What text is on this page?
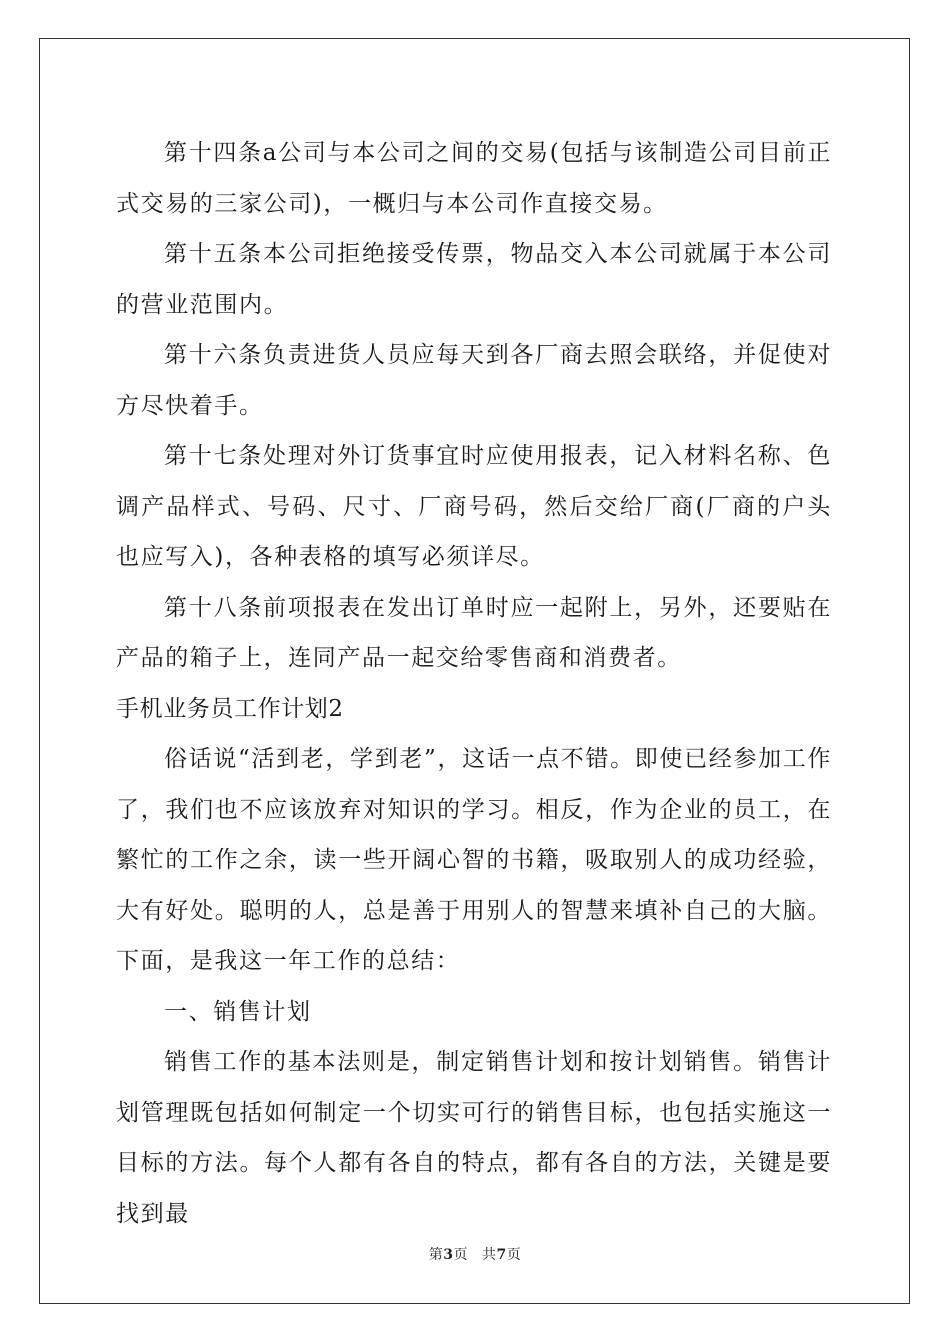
第十四条a公司与本公司之间的交易(包括与该制造公司目前正式交易的三家公司)，一概归与本公司作直接交易。

第十五条本公司拒绝接受传票，物品交入本公司就属于本公司的营业范围内。

第十六条负责进货人员应每天到各厂商去照会联络，并促使对方尽快着手。

第十七条处理对外订货事宜时应使用报表，记入材料名称、色调产品样式、号码、尺寸、厂商号码，然后交给厂商(厂商的户头也应写入)，各种表格的填写必须详尽。

第十八条前项报表在发出订单时应一起附上，另外，还要贴在产品的箱子上，连同产品一起交给零售商和消费者。

手机业务员工作计划2

俗话说“活到老，学到老”，这话一点不错。即使已经参加工作了，我们也不应该放弃对知识的学习。相反，作为企业的员工，在繁忙的工作之余，读一些开阔心智的书籍，吸取别人的成功经验，大有好处。聪明的人，总是善于用别人的智慧来填补自己的大脑。下面，是我这一年工作的总结：

一、销售计划

销售工作的基本法则是，制定销售计划和按计划销售。销售计划管理既包括如何制定一个切实可行的销售目标，也包括实施这一目标的方法。每个人都有各自的特点，都有各自的方法，关键是要找到最

第3页 共7页
